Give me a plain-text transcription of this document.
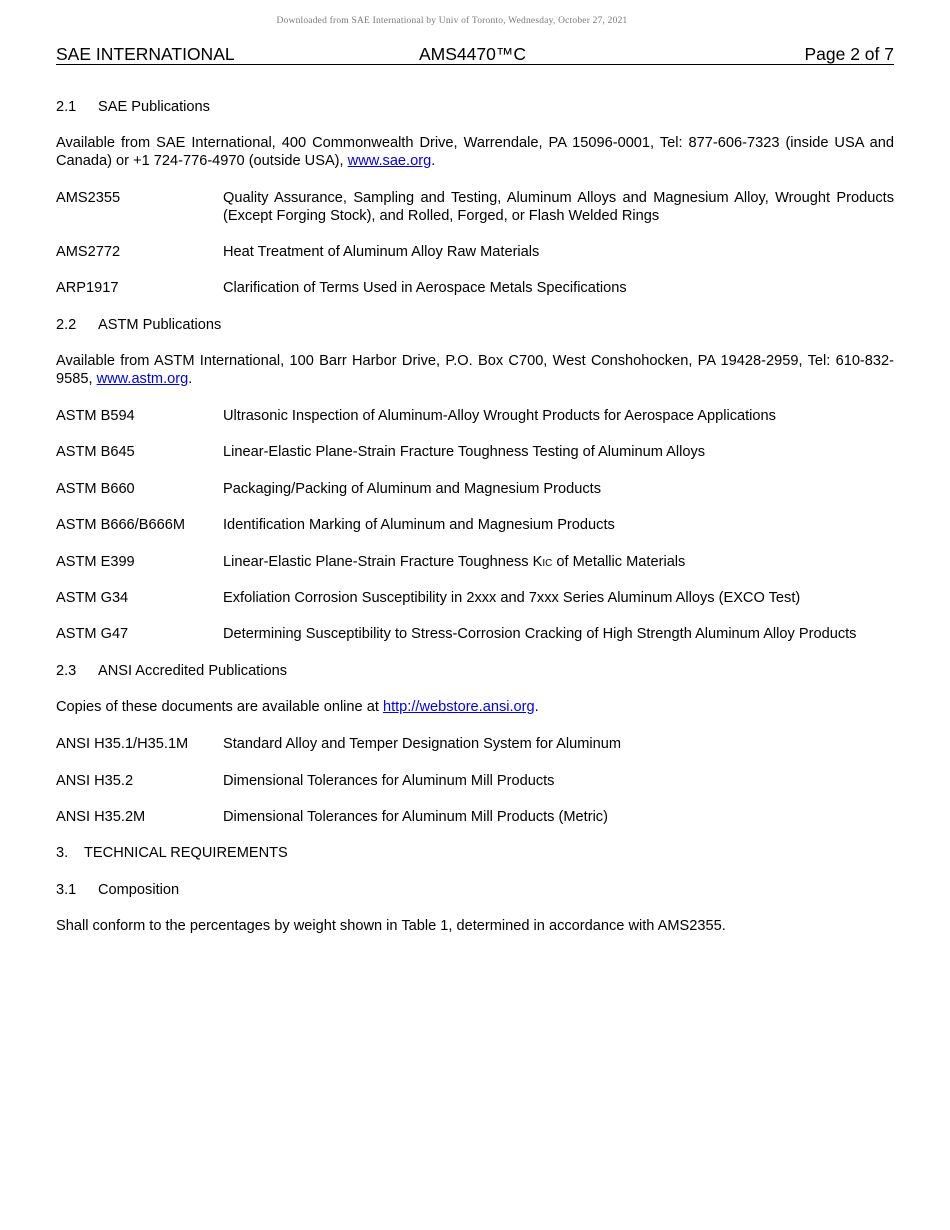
Downloaded from SAE International by Univ of Toronto, Wednesday, October 27, 2021
SAE INTERNATIONAL	AMS4470™C	Page 2 of 7
2.1 SAE Publications
Available from SAE International, 400 Commonwealth Drive, Warrendale, PA 15096-0001, Tel: 877-606-7323 (inside USA and Canada) or +1 724-776-4970 (outside USA), www.sae.org.
AMS2355	Quality Assurance, Sampling and Testing, Aluminum Alloys and Magnesium Alloy, Wrought Products (Except Forging Stock), and Rolled, Forged, or Flash Welded Rings
AMS2772	Heat Treatment of Aluminum Alloy Raw Materials
ARP1917	Clarification of Terms Used in Aerospace Metals Specifications
2.2 ASTM Publications
Available from ASTM International, 100 Barr Harbor Drive, P.O. Box C700, West Conshohocken, PA 19428-2959, Tel: 610-832-9585, www.astm.org.
ASTM B594	Ultrasonic Inspection of Aluminum-Alloy Wrought Products for Aerospace Applications
ASTM B645	Linear-Elastic Plane-Strain Fracture Toughness Testing of Aluminum Alloys
ASTM B660	Packaging/Packing of Aluminum and Magnesium Products
ASTM B666/B666M	Identification Marking of Aluminum and Magnesium Products
ASTM E399	Linear-Elastic Plane-Strain Fracture Toughness KIC of Metallic Materials
ASTM G34	Exfoliation Corrosion Susceptibility in 2xxx and 7xxx Series Aluminum Alloys (EXCO Test)
ASTM G47	Determining Susceptibility to Stress-Corrosion Cracking of High Strength Aluminum Alloy Products
2.3 ANSI Accredited Publications
Copies of these documents are available online at http://webstore.ansi.org.
ANSI H35.1/H35.1M Standard Alloy and Temper Designation System for Aluminum
ANSI H35.2	Dimensional Tolerances for Aluminum Mill Products
ANSI H35.2M	Dimensional Tolerances for Aluminum Mill Products (Metric)
3. TECHNICAL REQUIREMENTS
3.1 Composition
Shall conform to the percentages by weight shown in Table 1, determined in accordance with AMS2355.
